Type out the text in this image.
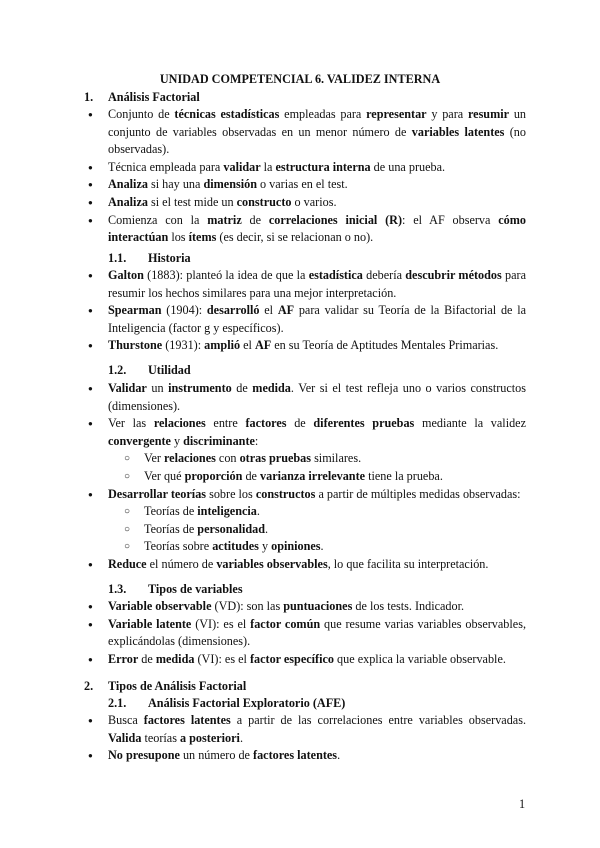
UNIDAD COMPETENCIAL 6. VALIDEZ INTERNA
1. Análisis Factorial
● Conjunto de técnicas estadísticas empleadas para representar y para resumir un conjunto de variables observadas en un menor número de variables latentes (no observadas).
● Técnica empleada para validar la estructura interna de una prueba.
● Analiza si hay una dimensión o varias en el test.
● Analiza si el test mide un constructo o varios.
● Comienza con la matriz de correlaciones inicial (R): el AF observa cómo interactúan los ítems (es decir, si se relacionan o no).
1.1. Historia
● Galton (1883): planteó la idea de que la estadística debería descubrir métodos para resumir los hechos similares para una mejor interpretación.
● Spearman (1904): desarrolló el AF para validar su Teoría de la Bifactorial de la Inteligencia (factor g y específicos).
● Thurstone (1931): amplió el AF en su Teoría de Aptitudes Mentales Primarias.
1.2. Utilidad
● Validar un instrumento de medida. Ver si el test refleja uno o varios constructos (dimensiones).
● Ver las relaciones entre factores de diferentes pruebas mediante la validez convergente y discriminante:
○ Ver relaciones con otras pruebas similares.
○ Ver qué proporción de varianza irrelevante tiene la prueba.
● Desarrollar teorías sobre los constructos a partir de múltiples medidas observadas:
○ Teorías de inteligencia.
○ Teorías de personalidad.
○ Teorías sobre actitudes y opiniones.
● Reduce el número de variables observables, lo que facilita su interpretación.
1.3. Tipos de variables
● Variable observable (VD): son las puntuaciones de los tests. Indicador.
● Variable latente (VI): es el factor común que resume varias variables observables, explicándolas (dimensiones).
● Error de medida (VI): es el factor específico que explica la variable observable.
2. Tipos de Análisis Factorial
2.1. Análisis Factorial Exploratorio (AFE)
● Busca factores latentes a partir de las correlaciones entre variables observadas. Valida teorías a posteriori.
● No presupone un número de factores latentes.
1
